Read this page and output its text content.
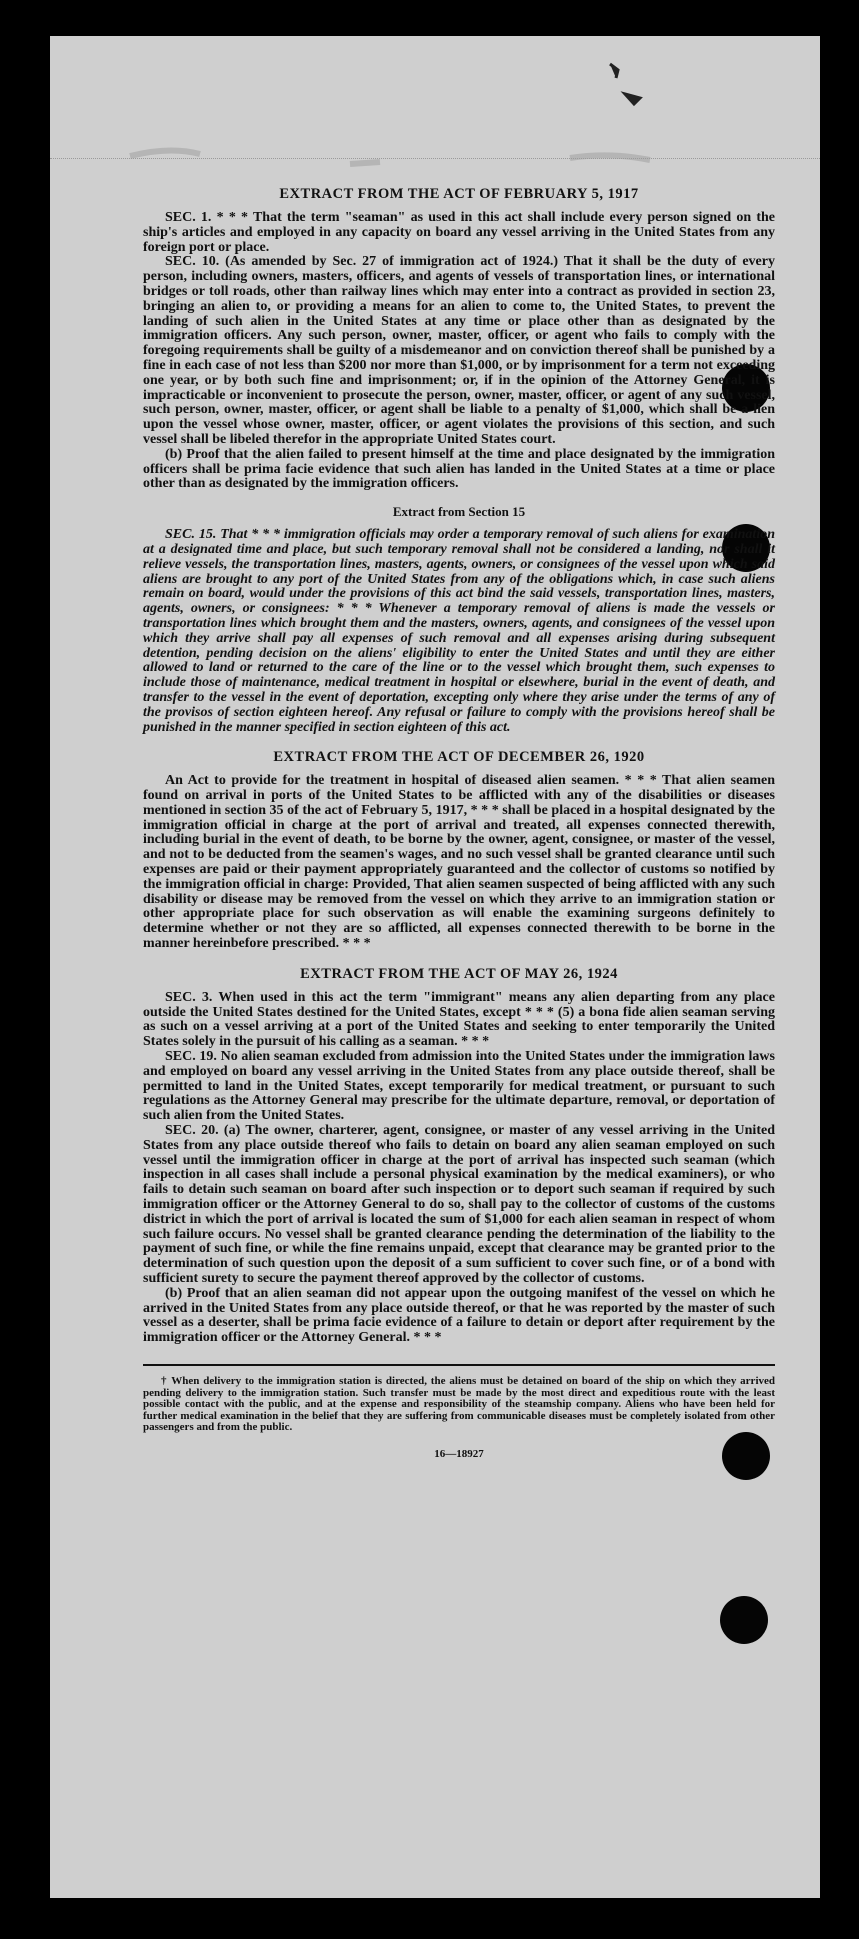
EXTRACT FROM THE ACT OF FEBRUARY 5, 1917

SEC. 1. * * * That the term "seaman" as used in this act shall include every person signed on the ship's articles and employed in any capacity on board any vessel arriving in the United States from any foreign port or place.

SEC. 10. (As amended by Sec. 27 of immigration act of 1924.) That it shall be the duty of every person, including owners, masters, officers, and agents of vessels of transportation lines, or international bridges or toll roads, other than railway lines which may enter into a contract as provided in section 23, bringing an alien to, or providing a means for an alien to come to, the United States, to prevent the landing of such alien in the United States at any time or place other than as designated by the immigration officers. Any such person, owner, master, officer, or agent who fails to comply with the foregoing requirements shall be guilty of a misdemeanor and on conviction thereof shall be punished by a fine in each case of not less than $200 nor more than $1,000, or by imprisonment for a term not exceeding one year, or by both such fine and imprisonment; or, if in the opinion of the Attorney General, it is impracticable or inconvenient to prosecute the person, owner, master, officer, or agent of any such vessel, such person, owner, master, officer, or agent shall be liable to a penalty of $1,000, which shall be a lien upon the vessel whose owner, master, officer, or agent violates the provisions of this section, and such vessel shall be libeled therefor in the appropriate United States court.

(b) Proof that the alien failed to present himself at the time and place designated by the immigration officers shall be prima facie evidence that such alien has landed in the United States at a time or place other than as designated by the immigration officers.

Extract from Section 15

SEC. 15. That * * * immigration officials may order a temporary removal of such aliens for examination at a designated time and place, but such temporary removal shall not be considered a landing, nor shall it relieve vessels, the transportation lines, masters, agents, owners, or consignees of the vessel upon which said aliens are brought to any port of the United States from any of the obligations which, in case such aliens remain on board, would under the provisions of this act bind the said vessels, transportation lines, masters, agents, owners, or consignees: * * * Whenever a temporary removal of aliens is made the vessels or transportation lines which brought them and the masters, owners, agents, and consignees of the vessel upon which they arrive shall pay all expenses of such removal and all expenses arising during subsequent detention, pending decision on the aliens' eligibility to enter the United States and until they are either allowed to land or returned to the care of the line or to the vessel which brought them, such expenses to include those of maintenance, medical treatment in hospital or elsewhere, burial in the event of death, and transfer to the vessel in the event of deportation, excepting only where they arise under the terms of any of the provisos of section eighteen hereof. Any refusal or failure to comply with the provisions hereof shall be punished in the manner specified in section eighteen of this act.

EXTRACT FROM THE ACT OF DECEMBER 26, 1920

An Act to provide for the treatment in hospital of diseased alien seamen. * * * That alien seamen found on arrival in ports of the United States to be afflicted with any of the disabilities or diseases mentioned in section 35 of the act of February 5, 1917, * * * shall be placed in a hospital designated by the immigration official in charge at the port of arrival and treated, all expenses connected therewith, including burial in the event of death, to be borne by the owner, agent, consignee, or master of the vessel, and not to be deducted from the seamen's wages, and no such vessel shall be granted clearance until such expenses are paid or their payment appropriately guaranteed and the collector of customs so notified by the immigration official in charge: Provided, That alien seamen suspected of being afflicted with any such disability or disease may be removed from the vessel on which they arrive to an immigration station or other appropriate place for such observation as will enable the examining surgeons definitely to determine whether or not they are so afflicted, all expenses connected therewith to be borne in the manner hereinbefore prescribed. * * *

EXTRACT FROM THE ACT OF MAY 26, 1924

SEC. 3. When used in this act the term "immigrant" means any alien departing from any place outside the United States destined for the United States, except * * * (5) a bona fide alien seaman serving as such on a vessel arriving at a port of the United States and seeking to enter temporarily the United States solely in the pursuit of his calling as a seaman. * * *

SEC. 19. No alien seaman excluded from admission into the United States under the immigration laws and employed on board any vessel arriving in the United States from any place outside thereof, shall be permitted to land in the United States, except temporarily for medical treatment, or pursuant to such regulations as the Attorney General may prescribe for the ultimate departure, removal, or deportation of such alien from the United States.

SEC. 20. (a) The owner, charterer, agent, consignee, or master of any vessel arriving in the United States from any place outside thereof who fails to detain on board any alien seaman employed on such vessel until the immigration officer in charge at the port of arrival has inspected such seaman (which inspection in all cases shall include a personal physical examination by the medical examiners), or who fails to detain such seaman on board after such inspection or to deport such seaman if required by such immigration officer or the Attorney General to do so, shall pay to the collector of customs of the customs district in which the port of arrival is located the sum of $1,000 for each alien seaman in respect of whom such failure occurs. No vessel shall be granted clearance pending the determination of the liability to the payment of such fine, or while the fine remains unpaid, except that clearance may be granted prior to the determination of such question upon the deposit of a sum sufficient to cover such fine, or of a bond with sufficient surety to secure the payment thereof approved by the collector of customs.

(b) Proof that an alien seaman did not appear upon the outgoing manifest of the vessel on which he arrived in the United States from any place outside thereof, or that he was reported by the master of such vessel as a deserter, shall be prima facie evidence of a failure to detain or deport after requirement by the immigration officer or the Attorney General. * * *

† When delivery to the immigration station is directed, the aliens must be detained on board of the ship on which they arrived pending delivery to the immigration station. Such transfer must be made by the most direct and expeditious route with the least possible contact with the public, and at the expense and responsibility of the steamship company. Aliens who have been held for further medical examination in the belief that they are suffering from communicable diseases must be completely isolated from other passengers and from the public.

16—18927
